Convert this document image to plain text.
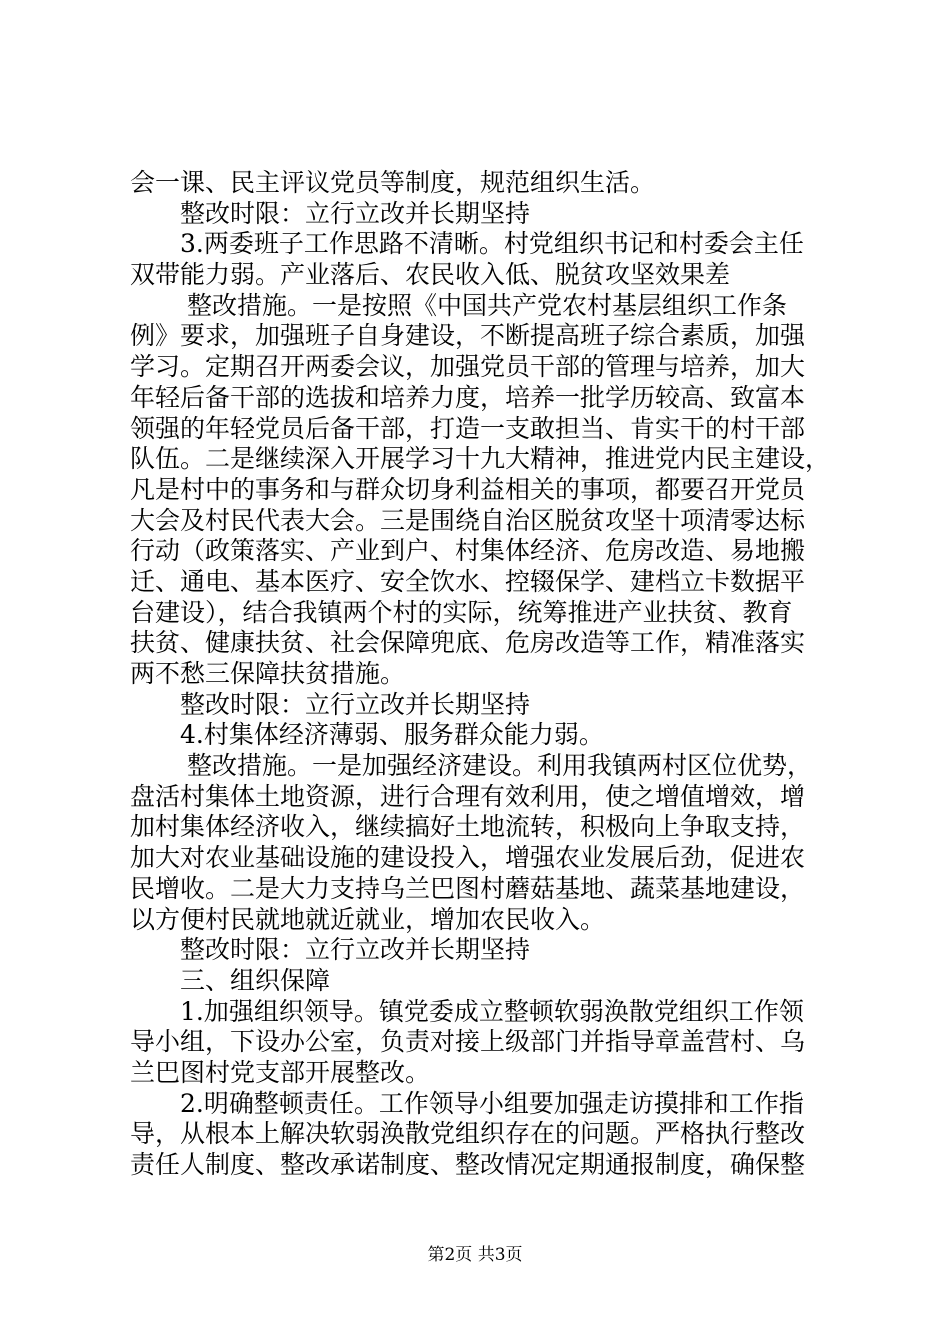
会一课、民主评议党员等制度，规范组织生活。
整改时限：立行立改并长期坚持
3.两委班子工作思路不清晰。村党组织书记和村委会主任
双带能力弱。产业落后、农民收入低、脱贫攻坚效果差
整改措施。一是按照《中国共产党农村基层组织工作条
例》要求，加强班子自身建设，不断提高班子综合素质，加强
学习。定期召开两委会议，加强党员干部的管理与培养，加大
年轻后备干部的选拔和培养力度，培养一批学历较高、致富本
领强的年轻党员后备干部，打造一支敢担当、肯实干的村干部
队伍。二是继续深入开展学习十九大精神，推进党内民主建设，
凡是村中的事务和与群众切身利益相关的事项，都要召开党员
大会及村民代表大会。三是围绕自治区脱贫攻坚十项清零达标
行动（政策落实、产业到户、村集体经济、危房改造、易地搬
迁、通电、基本医疗、安全饮水、控辍保学、建档立卡数据平
台建设），结合我镇两个村的实际，统筹推进产业扶贫、教育
扶贫、健康扶贫、社会保障兜底、危房改造等工作，精准落实
两不愁三保障扶贫措施。
整改时限：立行立改并长期坚持
4.村集体经济薄弱、服务群众能力弱。
整改措施。一是加强经济建设。利用我镇两村区位优势，
盘活村集体土地资源，进行合理有效利用，使之增值增效，增
加村集体经济收入，继续搞好土地流转，积极向上争取支持，
加大对农业基础设施的建设投入，增强农业发展后劲，促进农
民增收。二是大力支持乌兰巴图村蘑菇基地、蔬菜基地建设，
以方便村民就地就近就业，增加农民收入。
整改时限：立行立改并长期坚持
三、组织保障
1.加强组织领导。镇党委成立整顿软弱涣散党组织工作领
导小组，下设办公室，负责对接上级部门并指导章盖营村、乌
兰巴图村党支部开展整改。
2.明确整顿责任。工作领导小组要加强走访摸排和工作指
导，从根本上解决软弱涣散党组织存在的问题。严格执行整改
责任人制度、整改承诺制度、整改情况定期通报制度，确保整
第2页 共3页
